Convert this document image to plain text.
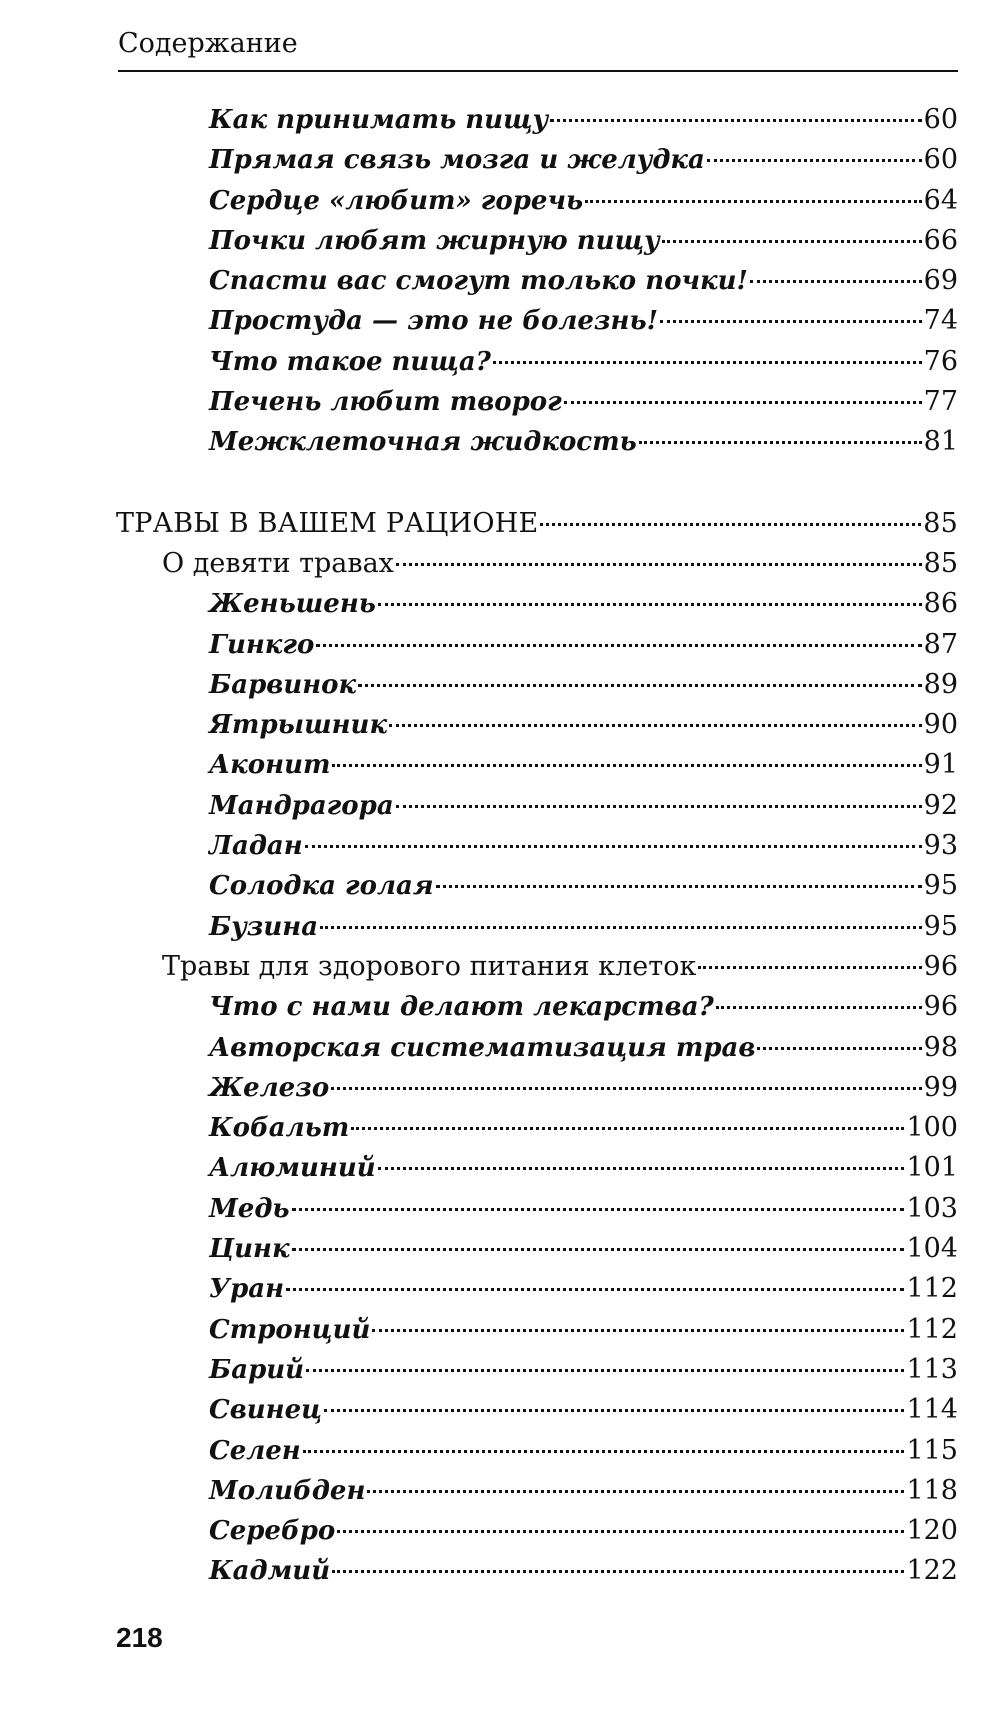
Содержание
Как принимать пищу	60
Прямая связь мозга и желудка	60
Сердце «любит» горечь	64
Почки любят жирную пищу	66
Спасти вас смогут только почки!	69
Простуда — это не болезнь!	74
Что такое пища?	76
Печень любит творог	77
Межклеточная жидкость	81
ТРАВЫ В ВАШЕМ РАЦИОНЕ	85
О девяти травах	85
Женьшень	86
Гинкго	87
Барвинок	89
Ятрышник	90
Аконит	91
Мандрагора	92
Ладан	93
Солодка голая	95
Бузина	95
Травы для здорового питания клеток	96
Что с нами делают лекарства?	96
Авторская систематизация трав	98
Железо	99
Кобальт	100
Алюминий	101
Медь	103
Цинк	104
Уран	112
Стронций	112
Барий	113
Свинец	114
Селен	115
Молибден	118
Серебро	120
Кадмий	122
218
